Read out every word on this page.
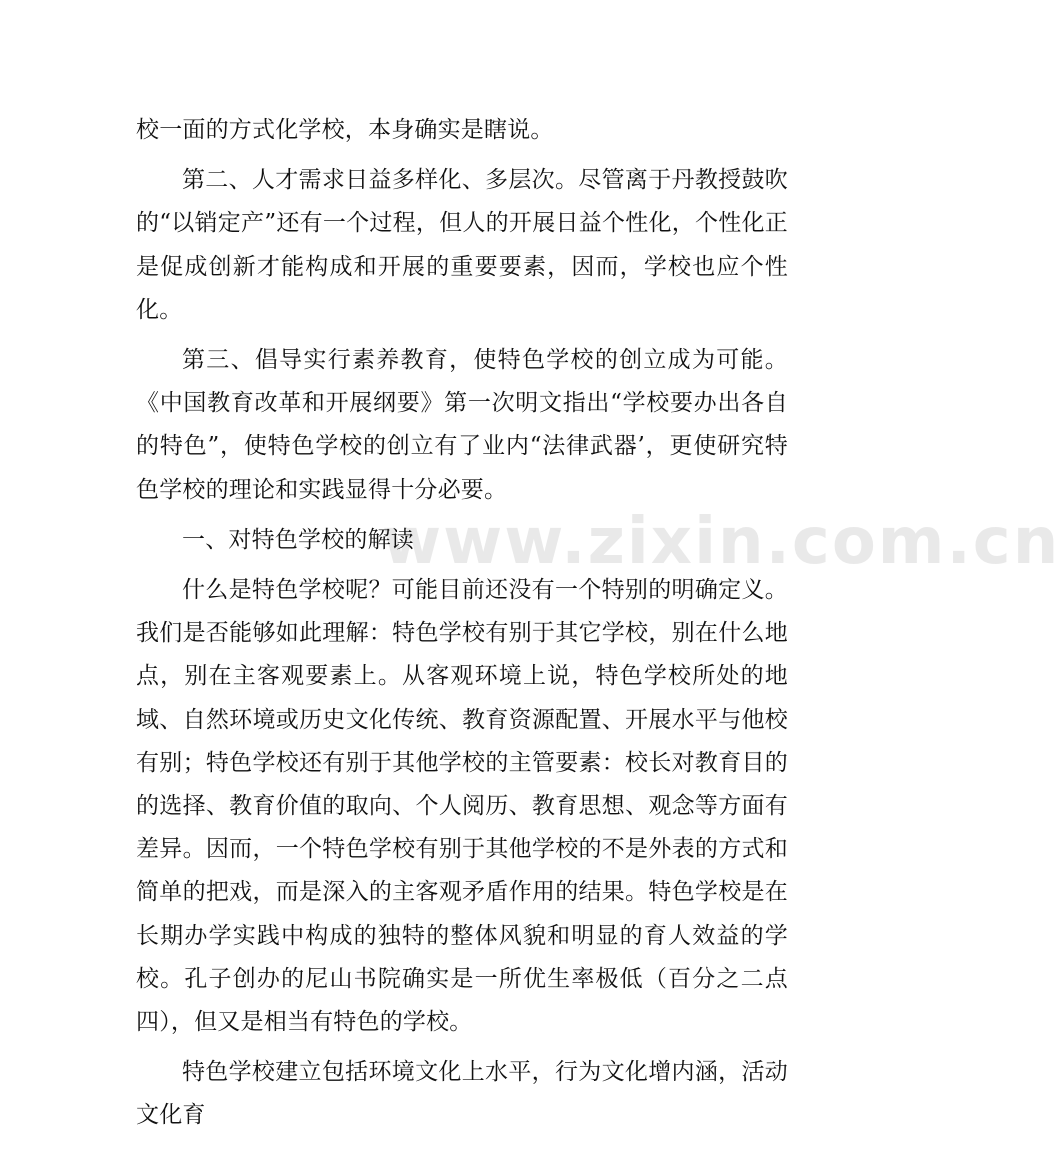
www.zixin.com.cn

校一面的方式化学校，本身确实是瞎说。

第二、人才需求日益多样化、多层次。尽管离于丹教授鼓吹的“以销定产”还有一个过程，但人的开展日益个性化，个性化正是促成创新才能构成和开展的重要要素，因而，学校也应个性化。

第三、倡导实行素养教育，使特色学校的创立成为可能。《中国教育改革和开展纲要》第一次明文指出“学校要办出各自的特色”，使特色学校的创立有了业内“法律武器’，更使研究特色学校的理论和实践显得十分必要。

一、对特色学校的解读

什么是特色学校呢？可能目前还没有一个特别的明确定义。我们是否能够如此理解：特色学校有别于其它学校，别在什么地点，别在主客观要素上。从客观环境上说，特色学校所处的地域、自然环境或历史文化传统、教育资源配置、开展水平与他校有别；特色学校还有别于其他学校的主管要素：校长对教育目的的选择、教育价值的取向、个人阅历、教育思想、观念等方面有差异。因而，一个特色学校有别于其他学校的不是外表的方式和简单的把戏，而是深入的主客观矛盾作用的结果。特色学校是在长期办学实践中构成的独特的整体风貌和明显的育人效益的学校。孔子创办的尼山书院确实是一所优生率极低（百分之二点四），但又是相当有特色的学校。

特色学校建立包括环境文化上水平，行为文化增内涵，活动文化育
